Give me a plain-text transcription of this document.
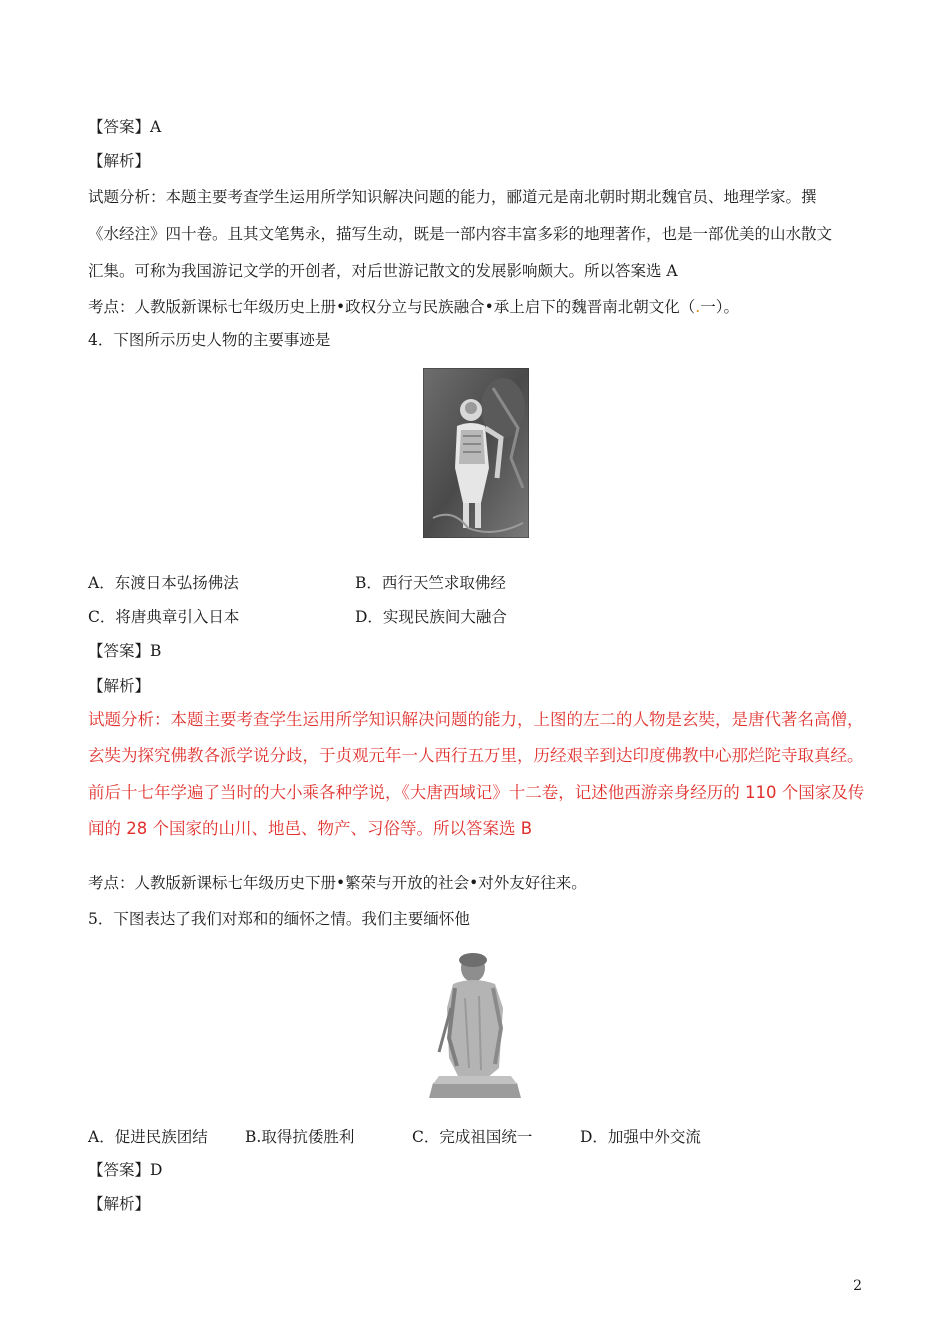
【答案】A
【解析】
试题分析：本题主要考查学生运用所学知识解决问题的能力，郦道元是南北朝时期北魏官员、地理学家。撰
《水经注》四十卷。且其文笔隽永，描写生动，既是一部内容丰富多彩的地理著作，也是一部优美的山水散文
汇集。可称为我国游记文学的开创者，对后世游记散文的发展影响颇大。所以答案选 A
考点：人教版新课标七年级历史上册•政权分立与民族融合•承上启下的魏晋南北朝文化（.一）。
4．下图所示历史人物的主要事迹是
A．东渡日本弘扬佛法	B．西行天竺求取佛经
C．将唐典章引入日本	D．实现民族间大融合
【答案】B
【解析】
试题分析：本题主要考查学生运用所学知识解决问题的能力，上图的左二的人物是玄奘，是唐代著名高僧，
玄奘为探究佛教各派学说分歧，于贞观元年一人西行五万里，历经艰辛到达印度佛教中心那烂陀寺取真经。
前后十七年学遍了当时的大小乘各种学说，《大唐西域记》十二卷，记述他西游亲身经历的 110 个国家及传
闻的 28 个国家的山川、地邑、物产、习俗等。所以答案选 B
考点：人教版新课标七年级历史下册•繁荣与开放的社会•对外友好往来。
5．下图表达了我们对郑和的缅怀之情。我们主要缅怀他
A．促进民族团结 B.取得抗倭胜利	C．完成祖国统一	D．加强中外交流
【答案】D
【解析】
2
